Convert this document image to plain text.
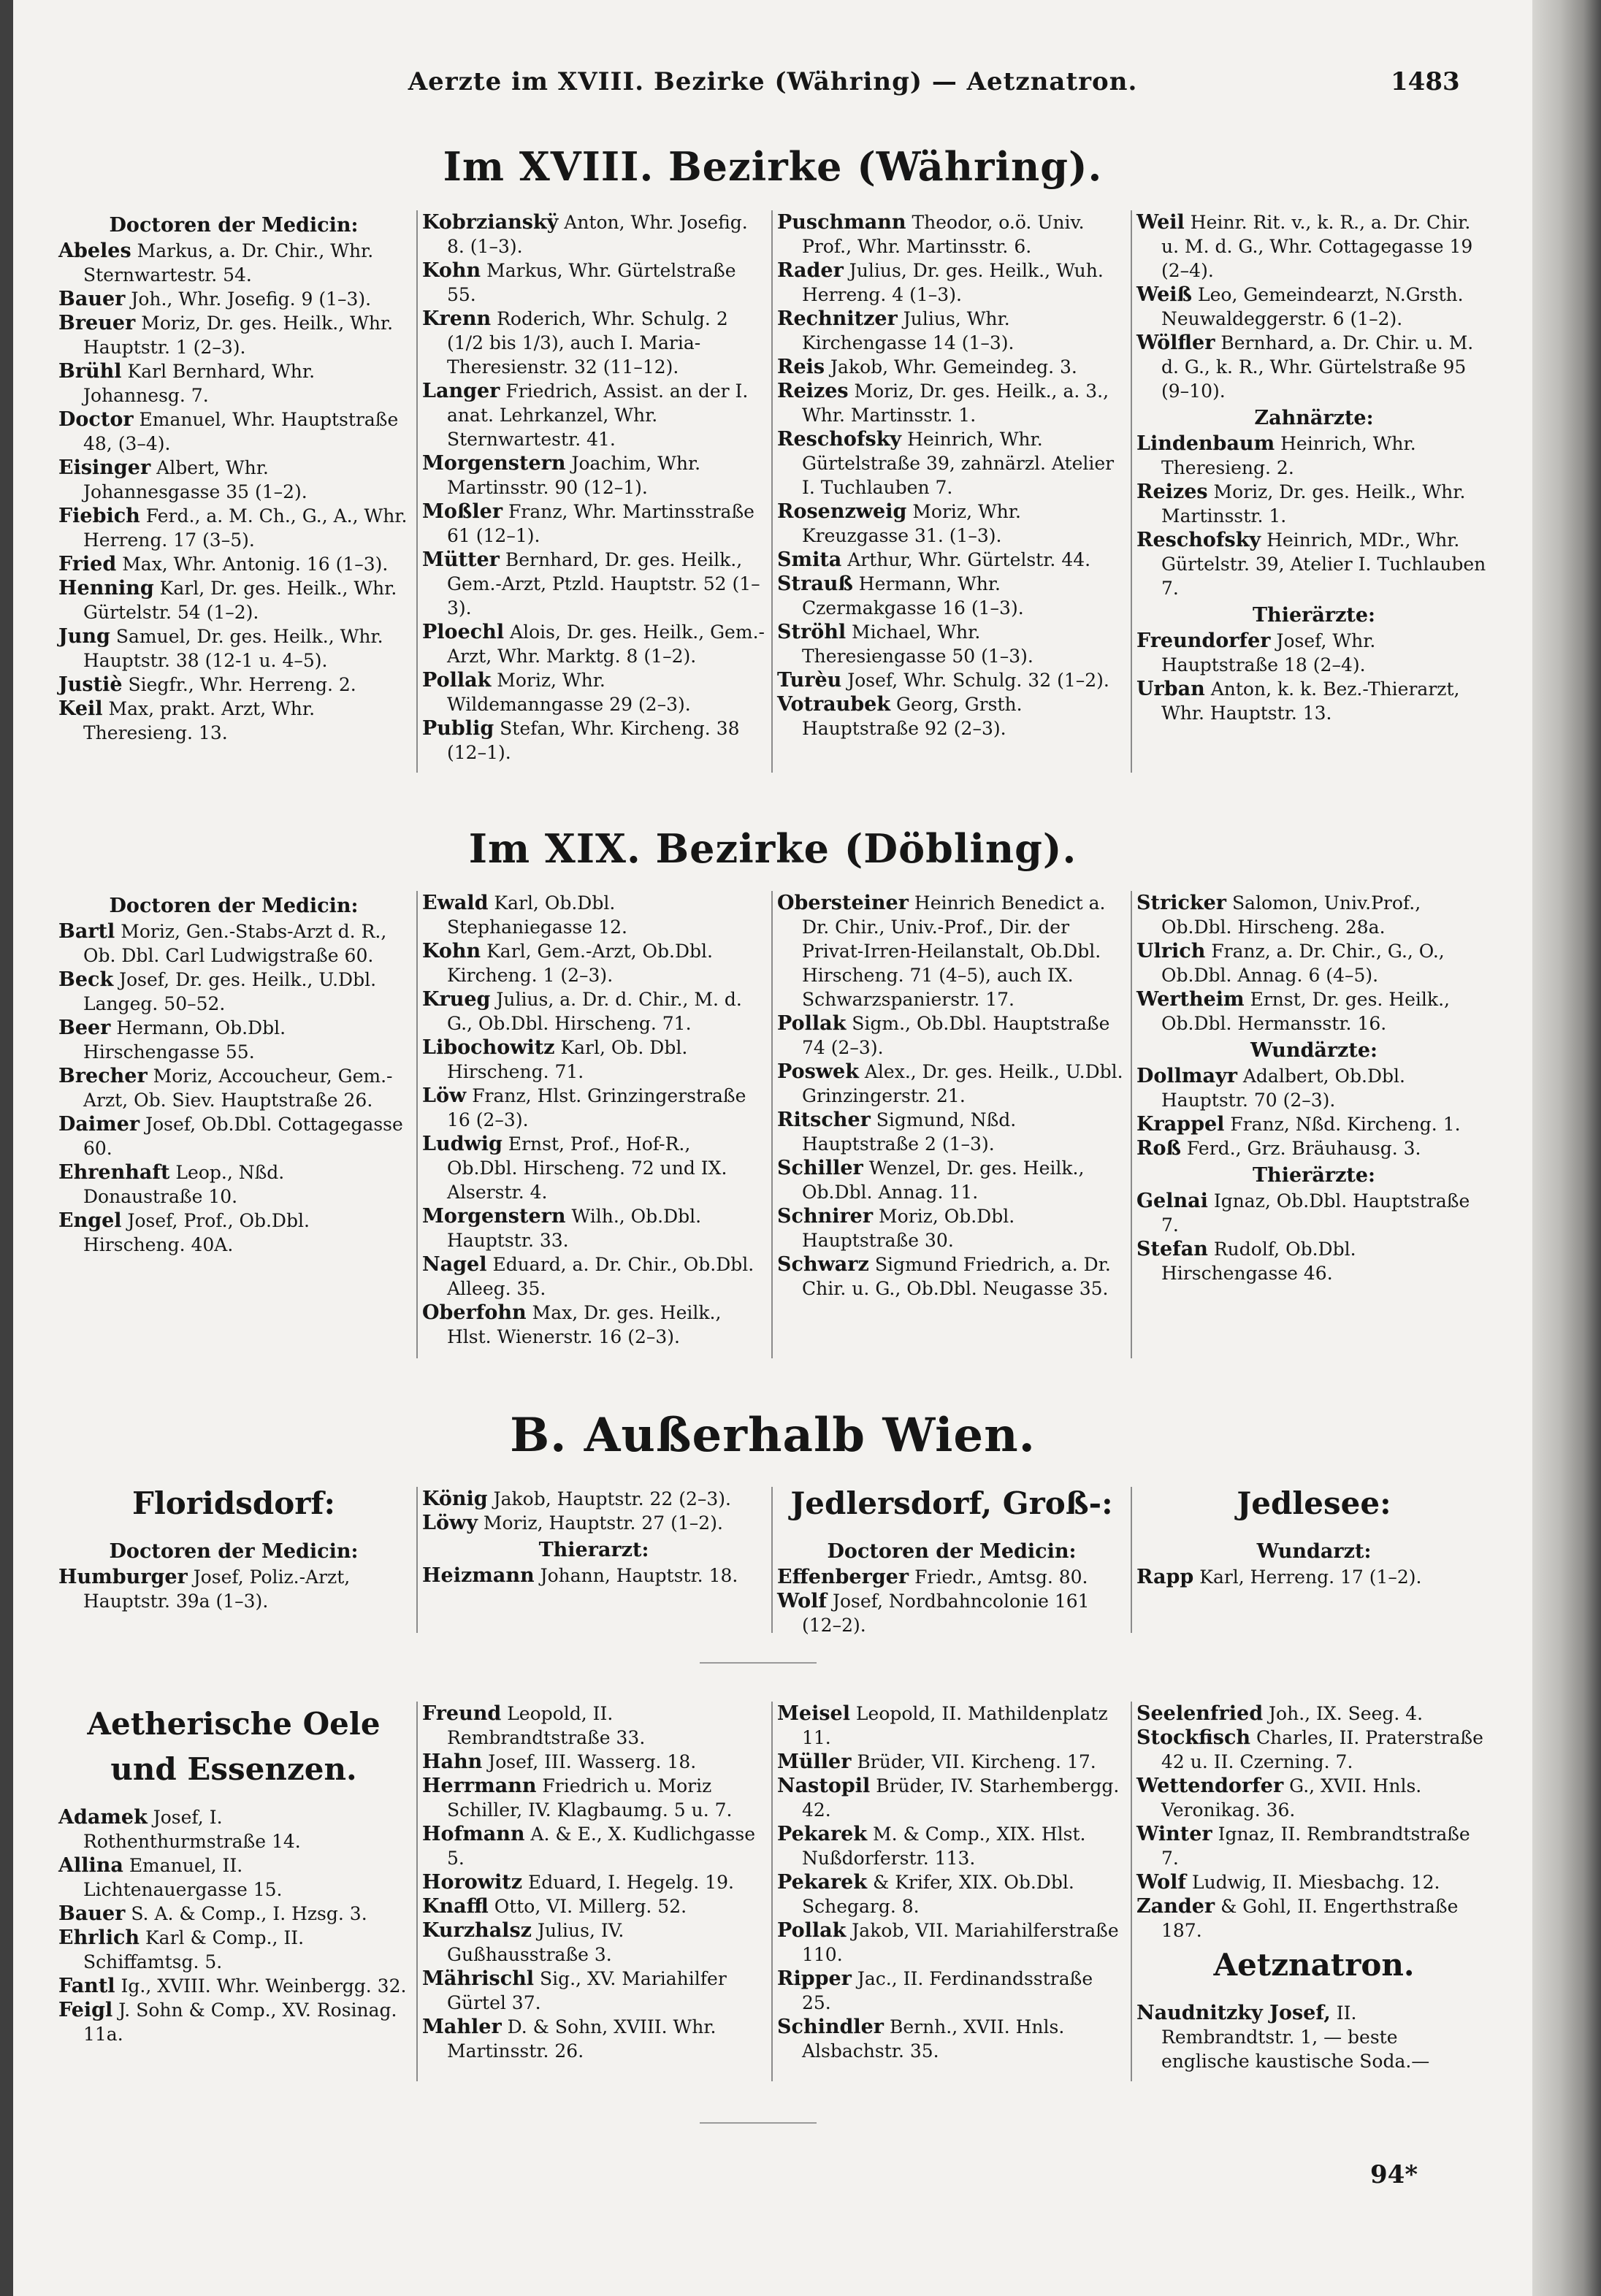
Aerzte im XVIII. Bezirke (Währing) — Aetznatron.	1483
Im XVIII. Bezirke (Währing).
Doctoren der Medicin:

Abeles Markus, a. Dr. Chir., Whr. Sternwartestr. 54.

Bauer Joh., Whr. Josefig. 9 (1–3).

Breuer Moriz, Dr. ges. Heilk., Whr. Hauptstr. 1 (2–3).

Brühl Karl Bernhard, Whr. Johannesg. 7.

Doctor Emanuel, Whr. Hauptstraße 48, (3–4).

Eisinger Albert, Whr. Johannesgasse 35 (1–2).

Fiebich Ferd., a. M. Ch., G., A., Whr. Herreng. 17 (3–5).

Fried Max, Whr. Antonig. 16 (1–3).

Henning Karl, Dr. ges. Heilk., Whr. Gürtelstr. 54 (1–2).

Jung Samuel, Dr. ges. Heilk., Whr. Hauptstr. 38 (12-1 u. 4–5).

Justiè Siegfr., Whr. Herreng. 2.

Keil Max, prakt. Arzt, Whr. Theresieng. 13.

Kobrzianskÿ Anton, Whr. Josefig. 8. (1–3).

Kohn Markus, Whr. Gürtelstraße 55.

Krenn Roderich, Whr. Schulg. 2 (1/2 bis 1/3), auch I. Maria-Theresienstr. 32 (11–12).

Langer Friedrich, Assist. an der I. anat. Lehrkanzel, Whr. Sternwartestr. 41.

Morgenstern Joachim, Whr. Martinsstr. 90 (12–1).

Moßler Franz, Whr. Martinsstraße 61 (12–1).

Mütter Bernhard, Dr. ges. Heilk., Gem.-Arzt, Ptzld. Hauptstr. 52 (1–3).

Ploechl Alois, Dr. ges. Heilk., Gem.-Arzt, Whr. Marktg. 8 (1–2).

Pollak Moriz, Whr. Wildemanngasse 29 (2–3).

Publig Stefan, Whr. Kircheng. 38 (12–1).

Puschmann Theodor, o.ö. Univ. Prof., Whr. Martinsstr. 6.

Rader Julius, Dr. ges. Heilk., Wuh. Herreng. 4 (1–3).

Rechnitzer Julius, Whr. Kirchengasse 14 (1–3).

Reis Jakob, Whr. Gemeindeg. 3.

Reizes Moriz, Dr. ges. Heilk., a. 3., Whr. Martinsstr. 1.

Reschofsky Heinrich, Whr. Gürtelstraße 39, zahnärzl. Atelier I. Tuchlauben 7.

Rosenzweig Moriz, Whr. Kreuzgasse 31. (1–3).

Smita Arthur, Whr. Gürtelstr. 44.

Strauß Hermann, Whr. Czermakgasse 16 (1–3).

Ströhl Michael, Whr. Theresiengasse 50 (1–3).

Turèu Josef, Whr. Schulg. 32 (1–2).

Votraubek Georg, Grsth. Hauptstraße 92 (2–3).

Weil Heinr. Rit. v., k. R., a. Dr. Chir. u. M. d. G., Whr. Cottagegasse 19 (2–4).

Weiß Leo, Gemeindearzt, N.Grsth. Neuwaldeggerstr. 6 (1–2).

Wölfler Bernhard, a. Dr. Chir. u. M. d. G., k. R., Whr. Gürtelstraße 95 (9–10).

Zahnärzte:

Lindenbaum Heinrich, Whr. Theresieng. 2.

Reizes Moriz, Dr. ges. Heilk., Whr. Martinsstr. 1.

Reschofsky Heinrich, MDr., Whr. Gürtelstr. 39, Atelier I. Tuchlauben 7.

Thierärzte:

Freundorfer Josef, Whr. Hauptstraße 18 (2–4).

Urban Anton, k. k. Bez.-Thierarzt, Whr. Hauptstr. 13.

Im XIX. Bezirke (Döbling).
Doctoren der Medicin:

Bartl Moriz, Gen.-Stabs-Arzt d. R., Ob. Dbl. Carl Ludwigstraße 60.

Beck Josef, Dr. ges. Heilk., U.Dbl. Langeg. 50–52.

Beer Hermann, Ob.Dbl. Hirschengasse 55.

Brecher Moriz, Accoucheur, Gem.-Arzt, Ob. Siev. Hauptstraße 26.

Daimer Josef, Ob.Dbl. Cottagegasse 60.

Ehrenhaft Leop., Nßd. Donaustraße 10.

Engel Josef, Prof., Ob.Dbl. Hirscheng. 40A.

Ewald Karl, Ob.Dbl. Stephaniegasse 12.

Kohn Karl, Gem.-Arzt, Ob.Dbl. Kircheng. 1 (2–3).

Krueg Julius, a. Dr. d. Chir., M. d. G., Ob.Dbl. Hirscheng. 71.

Libochowitz Karl, Ob. Dbl. Hirscheng. 71.

Löw Franz, Hlst. Grinzingerstraße 16 (2–3).

Ludwig Ernst, Prof., Hof-R., Ob.Dbl. Hirscheng. 72 und IX. Alserstr. 4.

Morgenstern Wilh., Ob.Dbl. Hauptstr. 33.

Nagel Eduard, a. Dr. Chir., Ob.Dbl. Alleeg. 35.

Oberfohn Max, Dr. ges. Heilk., Hlst. Wienerstr. 16 (2–3).

Obersteiner Heinrich Benedict a. Dr. Chir., Univ.-Prof., Dir. der Privat-Irren-Heilanstalt, Ob.Dbl. Hirscheng. 71 (4–5), auch IX. Schwarzspanierstr. 17.

Pollak Sigm., Ob.Dbl. Hauptstraße 74 (2–3).

Poswek Alex., Dr. ges. Heilk., U.Dbl. Grinzingerstr. 21.

Ritscher Sigmund, Nßd. Hauptstraße 2 (1–3).

Schiller Wenzel, Dr. ges. Heilk., Ob.Dbl. Annag. 11.

Schnirer Moriz, Ob.Dbl. Hauptstraße 30.

Schwarz Sigmund Friedrich, a. Dr. Chir. u. G., Ob.Dbl. Neugasse 35.

Stricker Salomon, Univ.Prof., Ob.Dbl. Hirscheng. 28a.

Ulrich Franz, a. Dr. Chir., G., O., Ob.Dbl. Annag. 6 (4–5).

Wertheim Ernst, Dr. ges. Heilk., Ob.Dbl. Hermansstr. 16.

Wundärzte:

Dollmayr Adalbert, Ob.Dbl. Hauptstr. 70 (2–3).

Krappel Franz, Nßd. Kircheng. 1.

Roß Ferd., Grz. Bräuhausg. 3.

Thierärzte:

Gelnai Ignaz, Ob.Dbl. Hauptstraße 7.

Stefan Rudolf, Ob.Dbl. Hirschengasse 46.

B. Außerhalb Wien.
Floridsdorf:
Doctoren der Medicin:

Humburger Josef, Poliz.-Arzt, Hauptstr. 39a (1–3).

König Jakob, Hauptstr. 22 (2–3).

Löwy Moriz, Hauptstr. 27 (1–2).

Thierarzt:

Heizmann Johann, Hauptstr. 18.

Jedlersdorf, Groß-:
Doctoren der Medicin:

Effenberger Friedr., Amtsg. 80.

Wolf Josef, Nordbahncolonie 161 (12–2).

Jedlesee:
Wundarzt:

Rapp Karl, Herreng. 17 (1–2).

Aetherische Oele und Essenzen.

Adamek Josef, I. Rothenthurmstraße 14.

Allina Emanuel, II. Lichtenauergasse 15.

Bauer S. A. & Comp., I. Hzsg. 3.

Ehrlich Karl & Comp., II. Schiffamtsg. 5.

Fantl Ig., XVIII. Whr. Weinbergg. 32.

Feigl J. Sohn & Comp., XV. Rosinag. 11a.

Freund Leopold, II. Rembrandtstraße 33.

Hahn Josef, III. Wasserg. 18.

Herrmann Friedrich u. Moriz Schiller, IV. Klagbaumg. 5 u. 7.

Hofmann A. & E., X. Kudlichgasse 5.

Horowitz Eduard, I. Hegelg. 19.

Knaffl Otto, VI. Millerg. 52.

Kurzhalsz Julius, IV. Gußhausstraße 3.

Mährischl Sig., XV. Mariahilfer Gürtel 37.

Mahler D. & Sohn, XVIII. Whr. Martinsstr. 26.

Meisel Leopold, II. Mathildenplatz 11.

Müller Brüder, VII. Kircheng. 17.

Nastopil Brüder, IV. Starhembergg. 42.

Pekarek M. & Comp., XIX. Hlst. Nußdorferstr. 113.

Pekarek & Krifer, XIX. Ob.Dbl. Schegarg. 8.

Pollak Jakob, VII. Mariahilferstraße 110.

Ripper Jac., II. Ferdinandsstraße 25.

Schindler Bernh., XVII. Hnls. Alsbachstr. 35.

Seelenfried Joh., IX. Seeg. 4.

Stockfisch Charles, II. Praterstraße 42 u. II. Czerning. 7.

Wettendorfer G., XVII. Hnls. Veronikag. 36.

Winter Ignaz, II. Rembrandtstraße 7.

Wolf Ludwig, II. Miesbachg. 12.

Zander & Gohl, II. Engerthstraße 187.

Aetznatron.

Naudnitzky Josef, II. Rembrandtstr. 1, — beste englische kaustische Soda.—

94*
